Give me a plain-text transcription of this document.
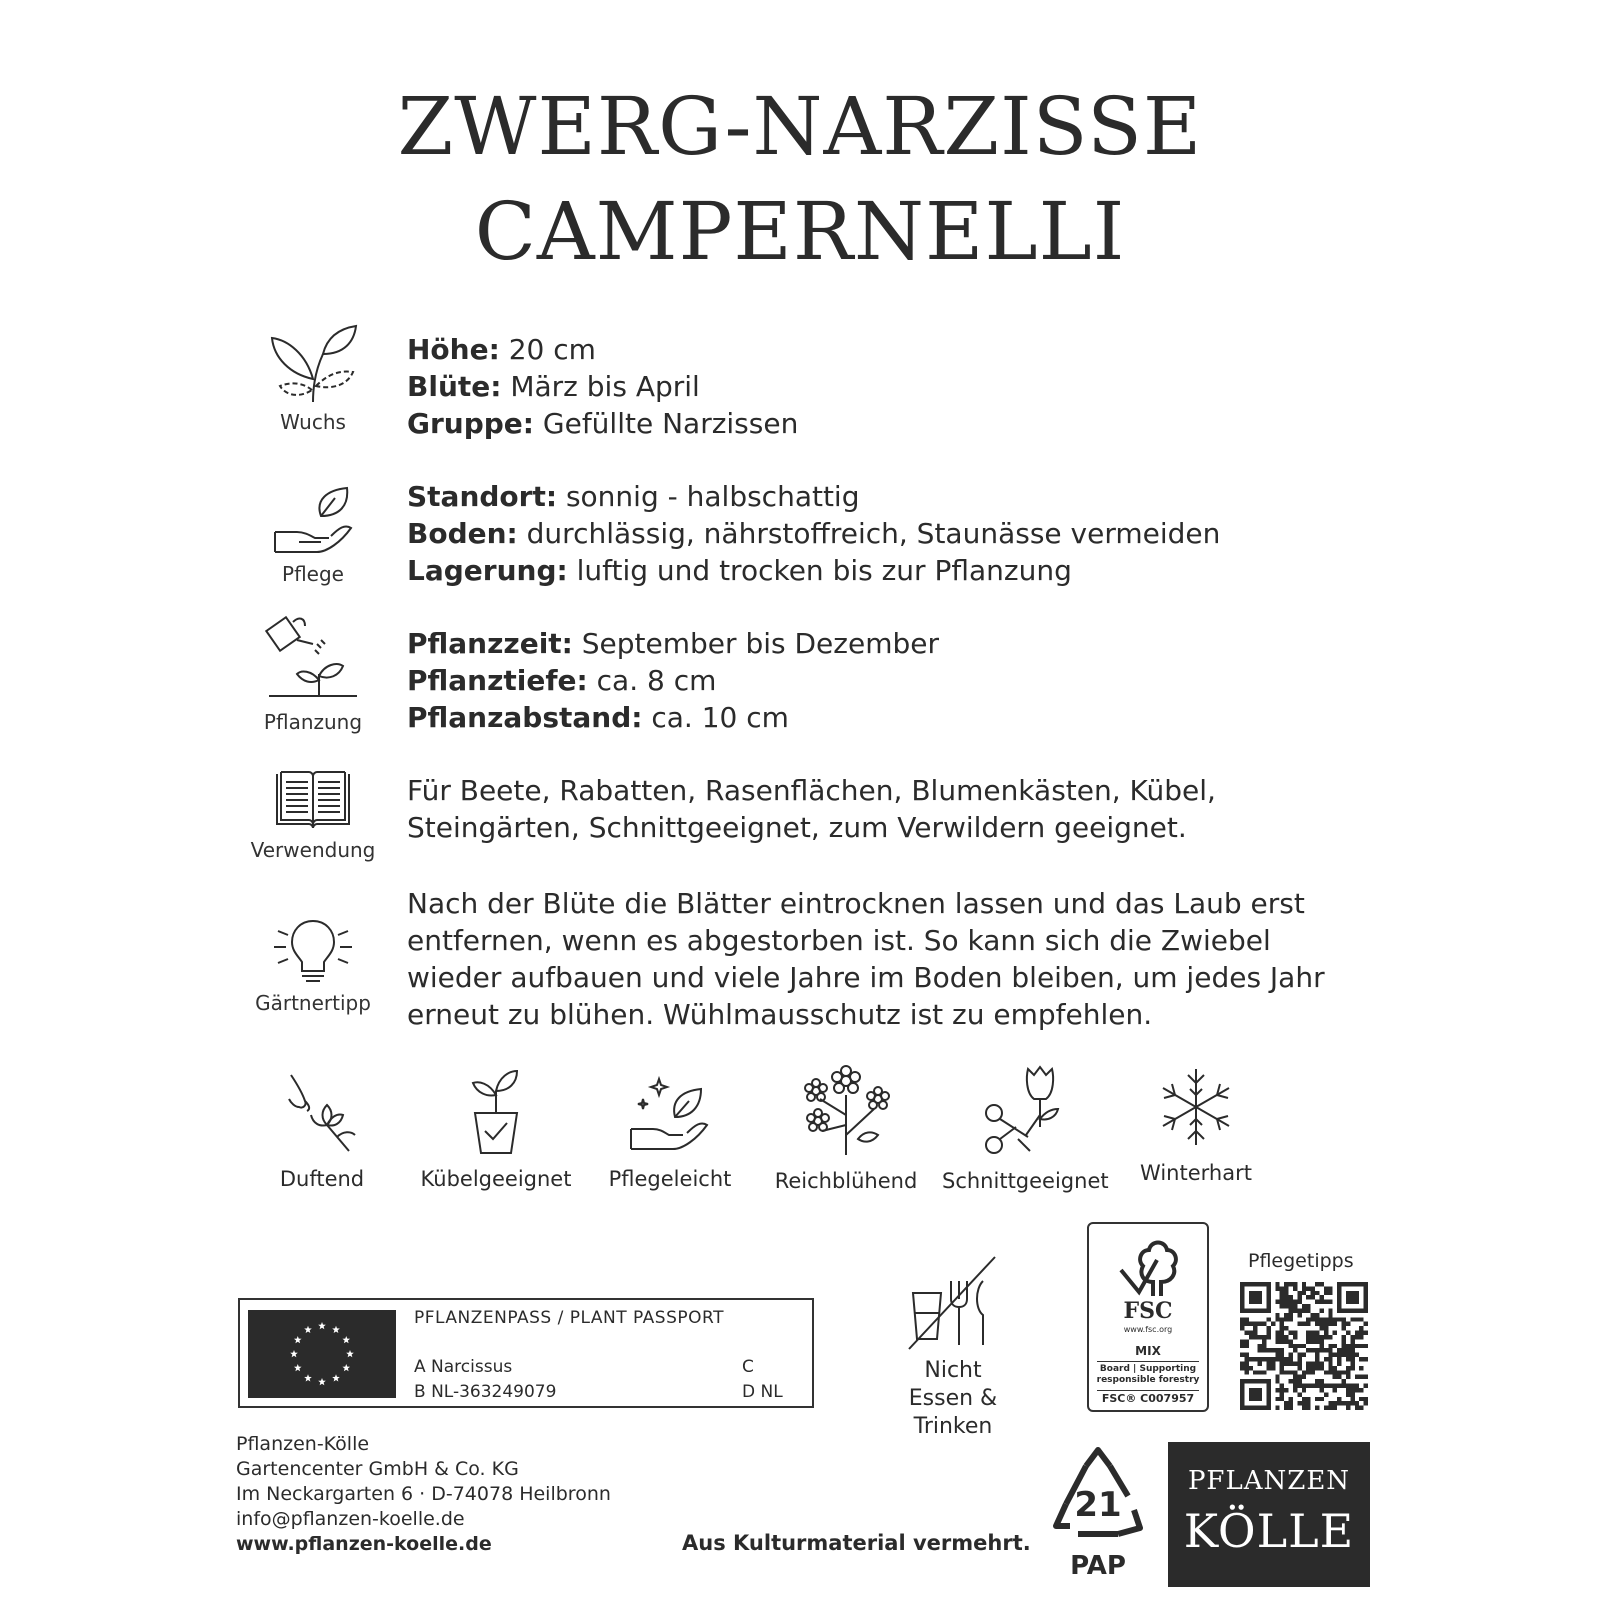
ZWERG-NARZISSE
CAMPERNELLI
Wuchs
Höhe: 20 cm
Blüte: März bis April
Gruppe: Gefüllte Narzissen
Pflege
Standort: sonnig - halbschattig
Boden: durchlässig, nährstoffreich, Staunässe vermeiden
Lagerung: luftig und trocken bis zur Pflanzung
Pflanzung
Pflanzzeit: September bis Dezember
Pflanztiefe: ca. 8 cm
Pflanzabstand: ca. 10 cm
Verwendung
Für Beete, Rabatten, Rasenflächen, Blumenkästen, Kübel,
Steingärten, Schnittgeeignet, zum Verwildern geeignet.
Gärtnertipp
Nach der Blüte die Blätter eintrocknen lassen und das Laub erst
entfernen, wenn es abgestorben ist. So kann sich die Zwiebel
wieder aufbauen und viele Jahre im Boden bleiben, um jedes Jahr
erneut zu blühen. Wühlmausschutz ist zu empfehlen.
Duftend	Kübelgeeignet	Pflegeleicht	Reichblühend	Schnittgeeignet	Winterhart
PFLANZENPASS / PLANT PASSPORT
A Narcissus
B NL-363249079
C
D NL
Nicht
Essen & Trinken
FSC
www.fsc.org
MIX
Board | Supporting
responsible forestry
FSC® C007957
Pflegetipps
Pflanzen-Kölle
Gartencenter GmbH & Co. KG
Im Neckargarten 6 · D-74078 Heilbronn
info@pflanzen-koelle.de
www.pflanzen-koelle.de	Aus Kulturmaterial vermehrt.
21
PAP
PFLANZEN
KÖLLE
